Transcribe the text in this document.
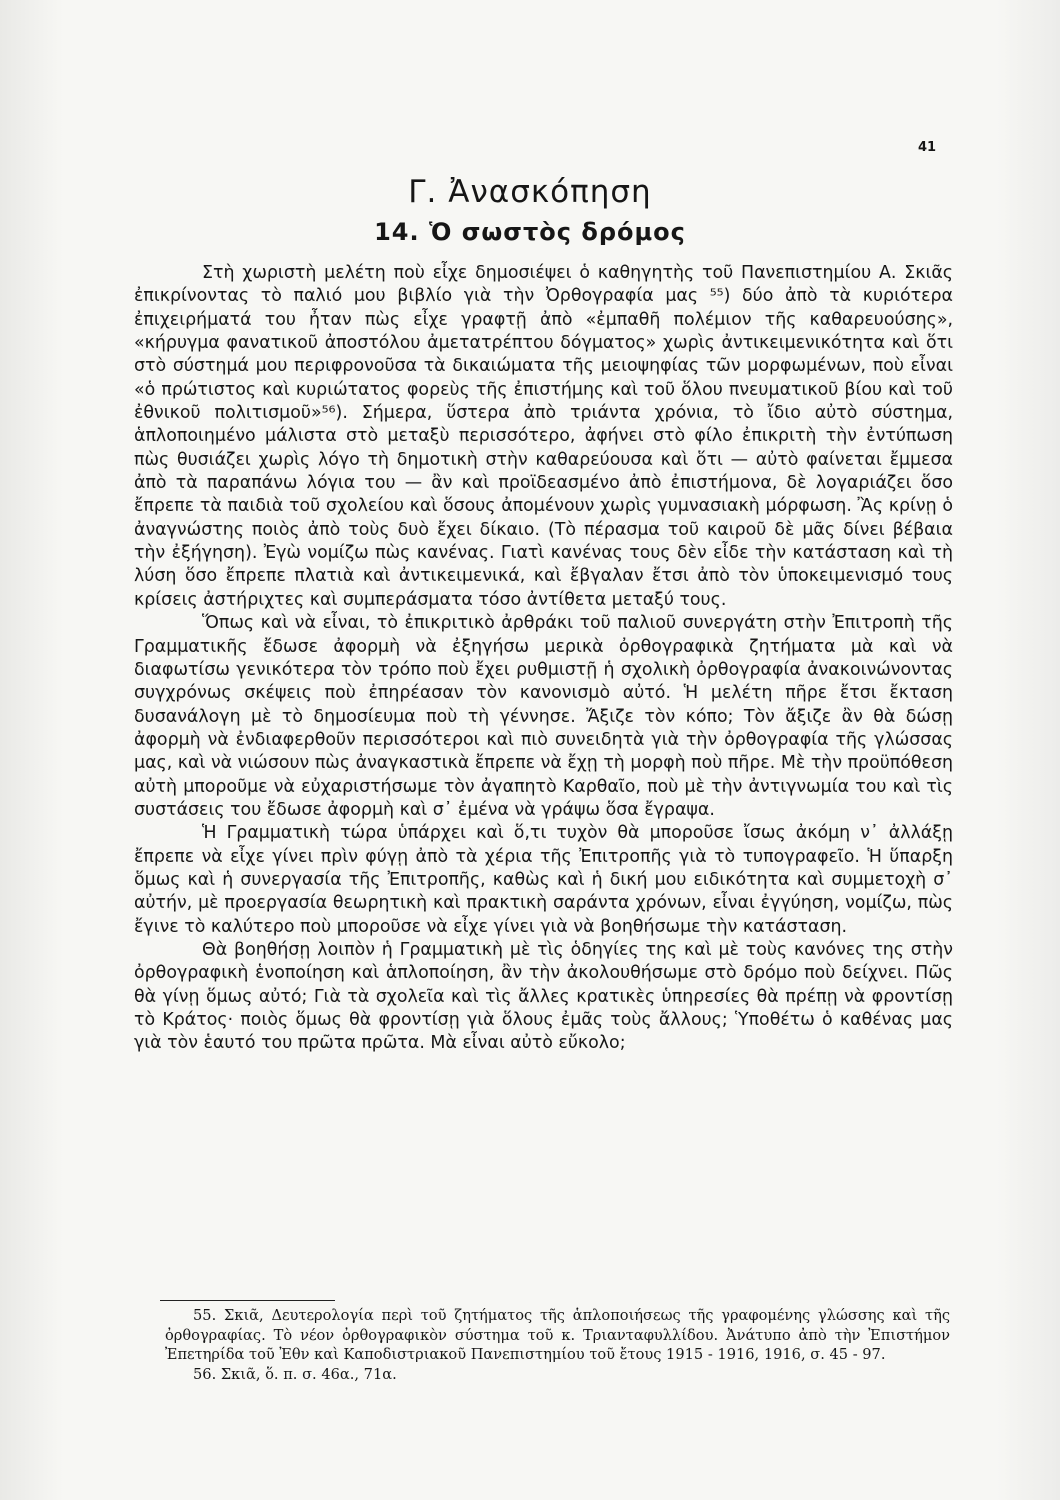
41
Γ. Ἀνασκόπηση
14. Ὁ σωστὸς δρόμος

Στὴ χωριστὴ μελέτη ποὺ εἶχε δημοσιέψει ὁ καθηγητὴς τοῦ Πανεπιστημίου Α. Σκιᾶς ἐπικρίνοντας τὸ παλιό μου βιβλίο γιὰ τὴν Ὀρθογραφία μας ⁵⁵) δύο ἀπὸ τὰ κυριότερα ἐπιχειρήματά του ἦταν πὼς εἶχε γραφτῇ ἀπὸ «ἐμπαθῆ πολέμιον τῆς καθαρευούσης», «κήρυγμα φανατικοῦ ἀποστόλου ἀμετατρέπτου δόγματος» χωρὶς ἀντικειμενικότητα καὶ ὅτι στὸ σύστημά μου περιφρονοῦσα τὰ δικαιώματα τῆς μειοψηφίας τῶν μορφωμένων, ποὺ εἶναι «ὁ πρώτιστος καὶ κυριώτατος φορεὺς τῆς ἐπιστήμης καὶ τοῦ ὅλου πνευματικοῦ βίου καὶ τοῦ ἐθνικοῦ πολιτισμοῦ»⁵⁶). Σήμερα, ὕστερα ἀπὸ τριάντα χρόνια, τὸ ἴδιο αὐτὸ σύστημα, ἁπλοποιημένο μάλιστα στὸ μεταξὺ περισσότερο, ἀφήνει στὸ φίλο ἐπικριτὴ τὴν ἐντύπωση πὼς θυσιάζει χωρὶς λόγο τὴ δημοτικὴ στὴν καθαρεύουσα καὶ ὅτι — αὐτὸ φαίνεται ἔμμεσα ἀπὸ τὰ παραπάνω λόγια του — ἂν καὶ προϊδεασμένο ἀπὸ ἐπιστήμονα, δὲ λογαριάζει ὅσο ἔπρεπε τὰ παιδιὰ τοῦ σχολείου καὶ ὅσους ἀπομένουν χωρὶς γυμνασιακὴ μόρφωση. Ἂς κρίνῃ ὁ ἀναγνώστης ποιὸς ἀπὸ τοὺς δυὸ ἔχει δίκαιο. (Τὸ πέρασμα τοῦ καιροῦ δὲ μᾶς δίνει βέβαια τὴν ἐξήγηση). Ἐγὼ νομίζω πὼς κανένας. Γιατὶ κανένας τους δὲν εἶδε τὴν κατάσταση καὶ τὴ λύση ὅσο ἔπρεπε πλατιὰ καὶ ἀντικειμενικά, καὶ ἔβγαλαν ἔτσι ἀπὸ τὸν ὑποκειμενισμό τους κρίσεις ἀστήριχτες καὶ συμπεράσματα τόσο ἀντίθετα μεταξύ τους.

Ὅπως καὶ νὰ εἶναι, τὸ ἐπικριτικὸ ἀρθράκι τοῦ παλιοῦ συνεργάτη στὴν Ἐπιτροπὴ τῆς Γραμματικῆς ἔδωσε ἀφορμὴ νὰ ἐξηγήσω μερικὰ ὀρθογραφικὰ ζητήματα μὰ καὶ νὰ διαφωτίσω γενικότερα τὸν τρόπο ποὺ ἔχει ρυθμιστῇ ἡ σχολικὴ ὀρθογραφία ἀνακοινώνοντας συγχρόνως σκέψεις ποὺ ἐπηρέασαν τὸν κανονισμὸ αὐτό. Ἡ μελέτη πῆρε ἔτσι ἔκταση δυσανάλογη μὲ τὸ δημοσίευμα ποὺ τὴ γέννησε. Ἄξιζε τὸν κόπο; Τὸν ἄξιζε ἂν θὰ δώσῃ ἀφορμὴ νὰ ἐνδιαφερθοῦν περισσότεροι καὶ πιὸ συνειδητὰ γιὰ τὴν ὀρθογραφία τῆς γλώσσας μας, καὶ νὰ νιώσουν πὼς ἀναγκαστικὰ ἔπρεπε νὰ ἔχῃ τὴ μορφὴ ποὺ πῆρε. Μὲ τὴν προϋπόθεση αὐτὴ μποροῦμε νὰ εὐχαριστήσωμε τὸν ἀγαπητὸ Καρθαῖο, ποὺ μὲ τὴν ἀντιγνωμία του καὶ τὶς συστάσεις του ἔδωσε ἀφορμὴ καὶ σ᾽ ἐμένα νὰ γράψω ὅσα ἔγραψα.

Ἡ Γραμματικὴ τώρα ὑπάρχει καὶ ὅ,τι τυχὸν θὰ μποροῦσε ἴσως ἀκόμη ν᾽ ἀλλάξῃ ἔπρεπε νὰ εἶχε γίνει πρὶν φύγῃ ἀπὸ τὰ χέρια τῆς Ἐπιτροπῆς γιὰ τὸ τυπογραφεῖο. Ἡ ὕπαρξη ὅμως καὶ ἡ συνεργασία τῆς Ἐπιτροπῆς, καθὼς καὶ ἡ δική μου ειδικότητα καὶ συμμετοχὴ σ᾽ αὐτήν, μὲ προεργασία θεωρητικὴ καὶ πρακτικὴ σαράντα χρόνων, εἶναι ἐγγύηση, νομίζω, πὼς ἔγινε τὸ καλύτερο ποὺ μποροῦσε νὰ εἶχε γίνει γιὰ νὰ βοηθήσωμε τὴν κατάσταση.

Θὰ βοηθήσῃ λοιπὸν ἡ Γραμματικὴ μὲ τὶς ὁδηγίες της καὶ μὲ τοὺς κανόνες της στὴν ὀρθογραφικὴ ἑνοποίηση καὶ ἁπλοποίηση, ἂν τὴν ἀκολουθήσωμε στὸ δρόμο ποὺ δείχνει. Πῶς θὰ γίνῃ ὅμως αὐτό; Γιὰ τὰ σχολεῖα καὶ τὶς ἄλλες κρατικὲς ὑπηρεσίες θὰ πρέπῃ νὰ φροντίσῃ τὸ Κράτος· ποιὸς ὅμως θὰ φροντίσῃ γιὰ ὅλους ἐμᾶς τοὺς ἄλλους; Ὑποθέτω ὁ καθένας μας γιὰ τὸν ἑαυτό του πρῶτα πρῶτα. Μὰ εἶναι αὐτὸ εὔκολο;

55. Σκιᾶ, Δευτερολογία περὶ τοῦ ζητήματος τῆς ἁπλοποιήσεως τῆς γραφομένης γλώσσης καὶ τῆς ὀρθογραφίας. Τὸ νέον ὀρθογραφικὸν σύστημα τοῦ κ. Τριανταφυλλίδου. Ἀνάτυπο ἀπὸ τὴν Ἐπιστήμον Ἐπετηρίδα τοῦ Ἐθν καὶ Καποδιστριακοῦ Πανεπιστημίου τοῦ ἔτους 1915 - 1916, 1916, σ. 45 - 97.

56. Σκιᾶ, ὅ. π. σ. 46α., 71α.
